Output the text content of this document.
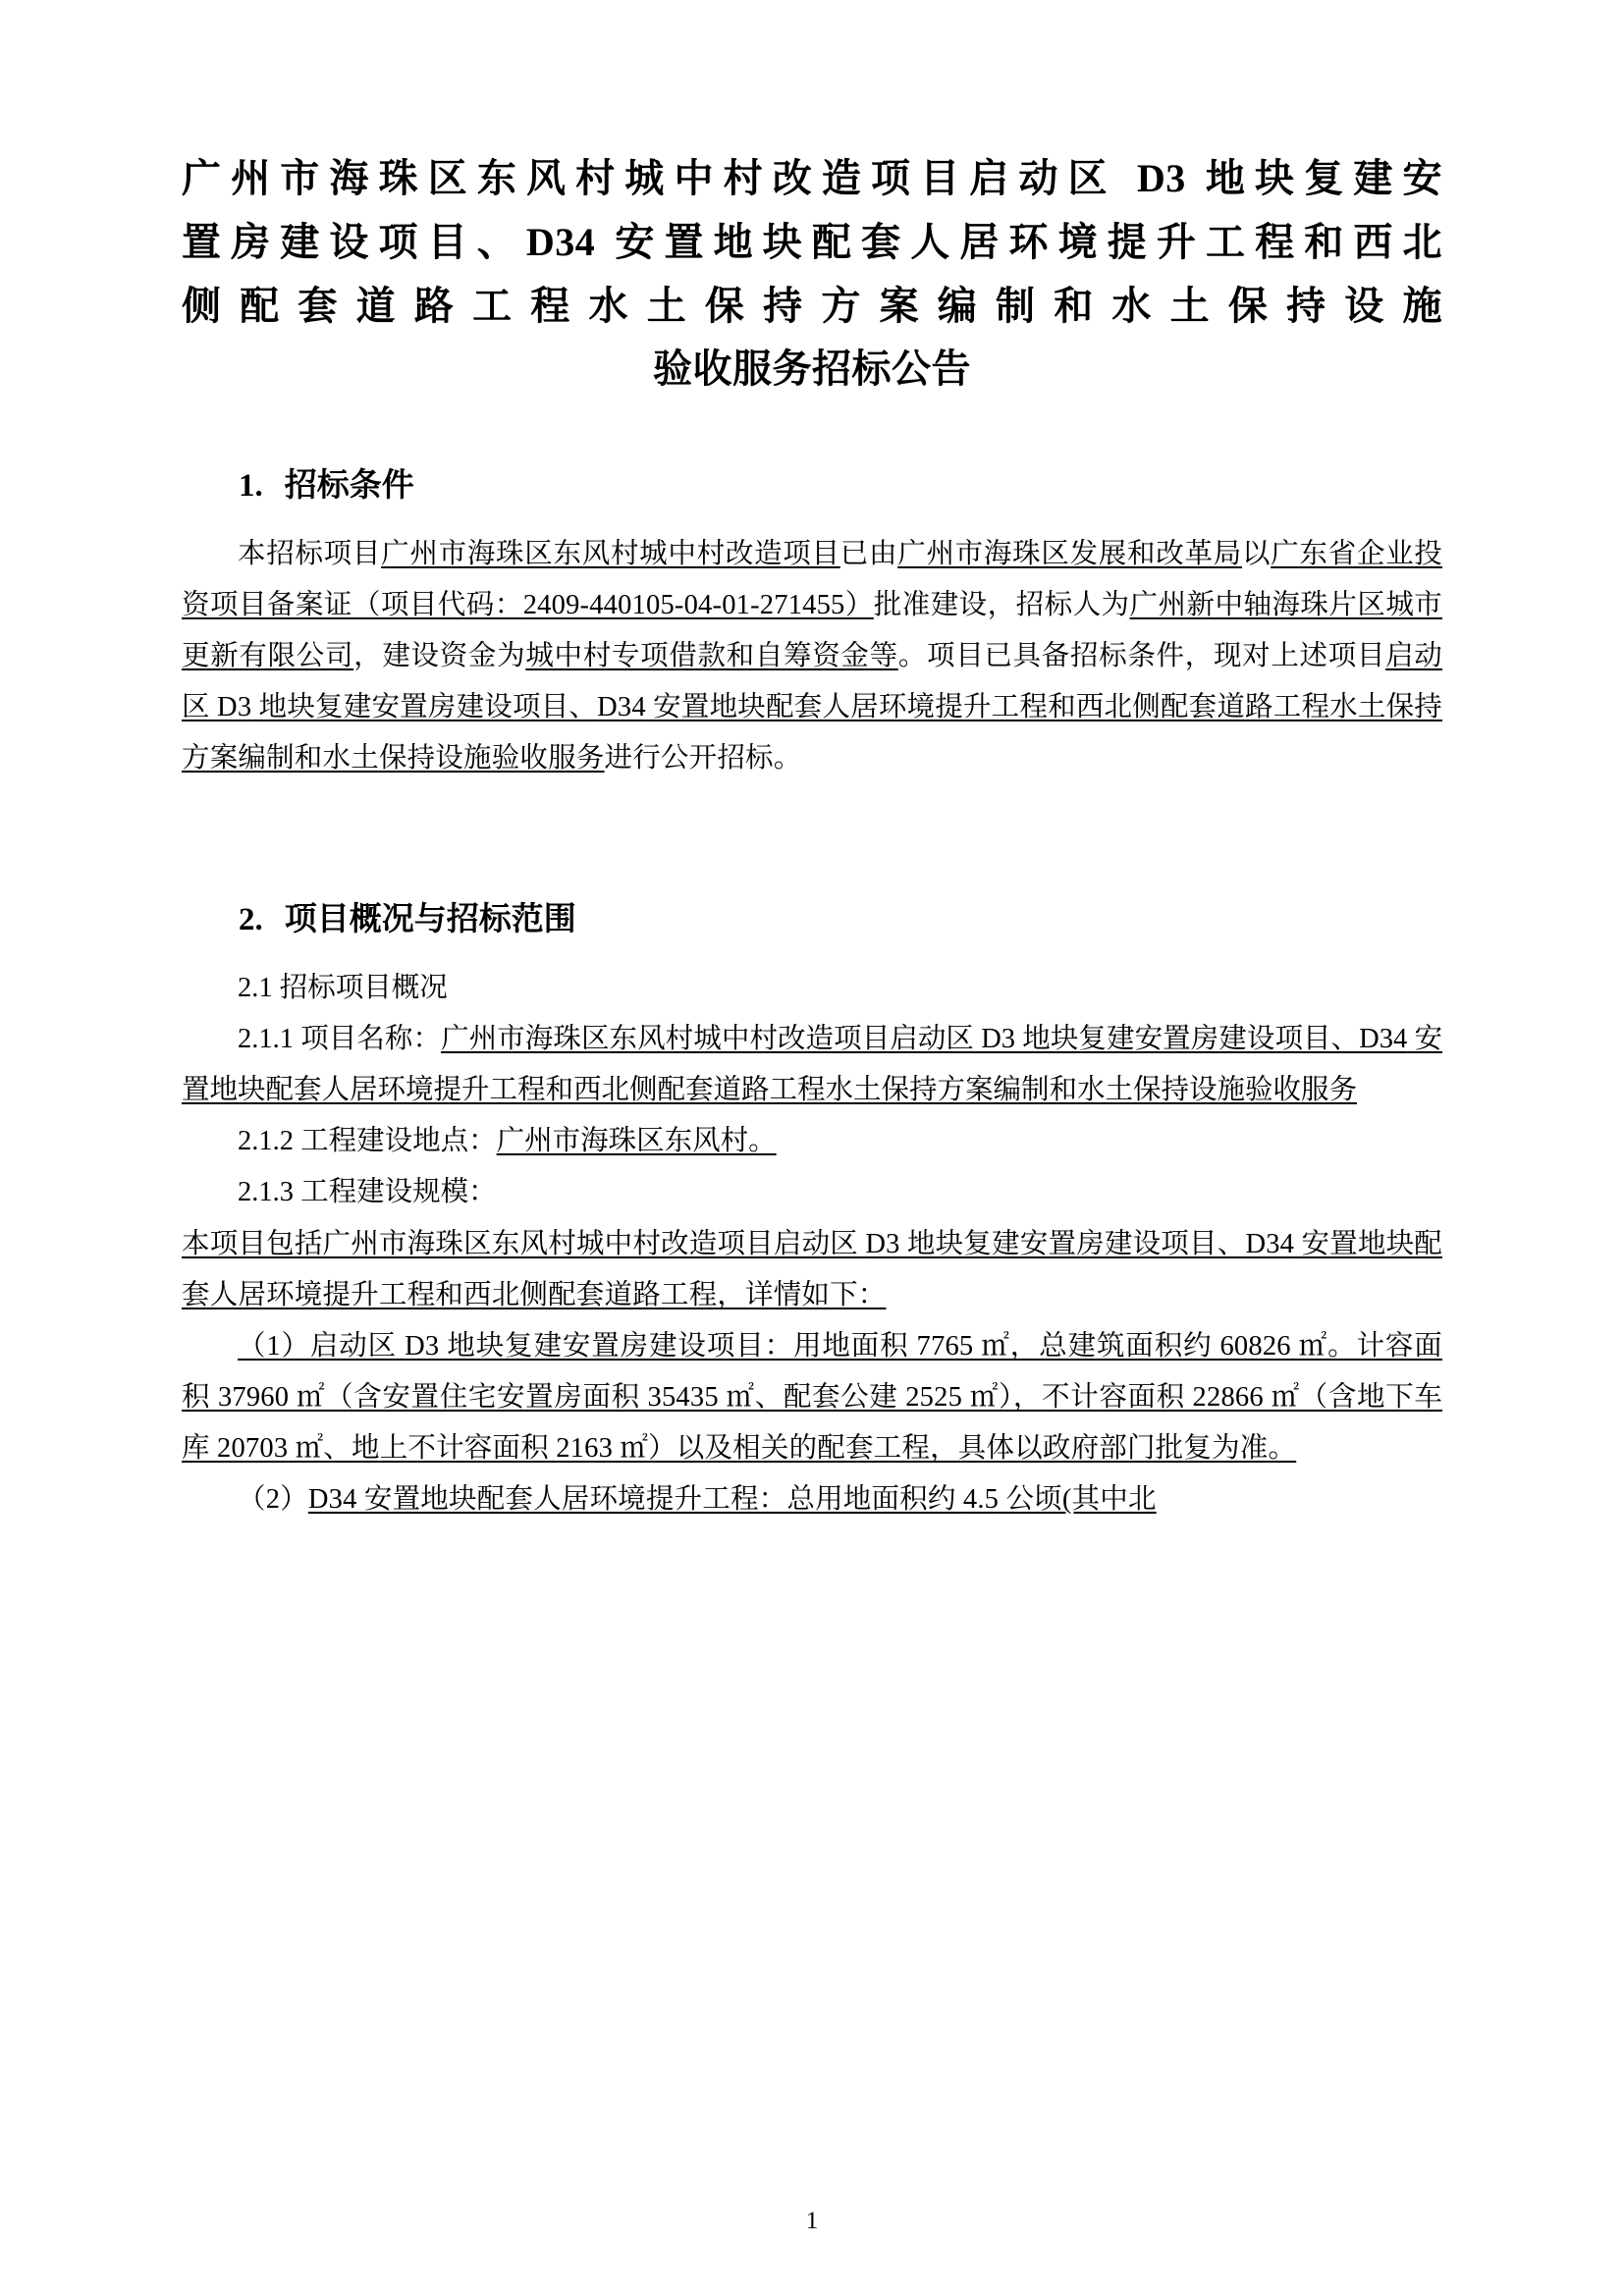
广州市海珠区东风村城中村改造项目启动区 D3 地块复建安
置房建设项目、D34 安置地块配套人居环境提升工程和西北
侧配套道路工程水土保持方案编制和水土保持设施
验收服务招标公告
1. 招标条件

本招标项目广州市海珠区东风村城中村改造项目已由广州市海珠区发展和改革局以广东省企业投资项目备案证（项目代码：2409-440105-04-01-271455）批准建设，招标人为广州新中轴海珠片区城市更新有限公司，建设资金为城中村专项借款和自筹资金等。项目已具备招标条件，现对上述项目启动区 D3 地块复建安置房建设项目、D34 安置地块配套人居环境提升工程和西北侧配套道路工程水土保持方案编制和水土保持设施验收服务进行公开招标。

2. 项目概况与招标范围

2.1 招标项目概况

2.1.1 项目名称：广州市海珠区东风村城中村改造项目启动区 D3 地块复建安置房建设项目、D34 安置地块配套人居环境提升工程和西北侧配套道路工程水土保持方案编制和水土保持设施验收服务

2.1.2 工程建设地点：广州市海珠区东风村。

2.1.3 工程建设规模：

本项目包括广州市海珠区东风村城中村改造项目启动区 D3 地块复建安置房建设项目、D34 安置地块配套人居环境提升工程和西北侧配套道路工程，详情如下：

（1）启动区 D3 地块复建安置房建设项目：用地面积 7765 ㎡，总建筑面积约 60826 ㎡。计容面积 37960 ㎡（含安置住宅安置房面积 35435 ㎡、配套公建 2525 ㎡），不计容面积 22866 ㎡（含地下车库 20703 ㎡、地上不计容面积 2163 ㎡）以及相关的配套工程，具体以政府部门批复为准。

（2）D34 安置地块配套人居环境提升工程：总用地面积约 4.5 公顷(其中北

1
